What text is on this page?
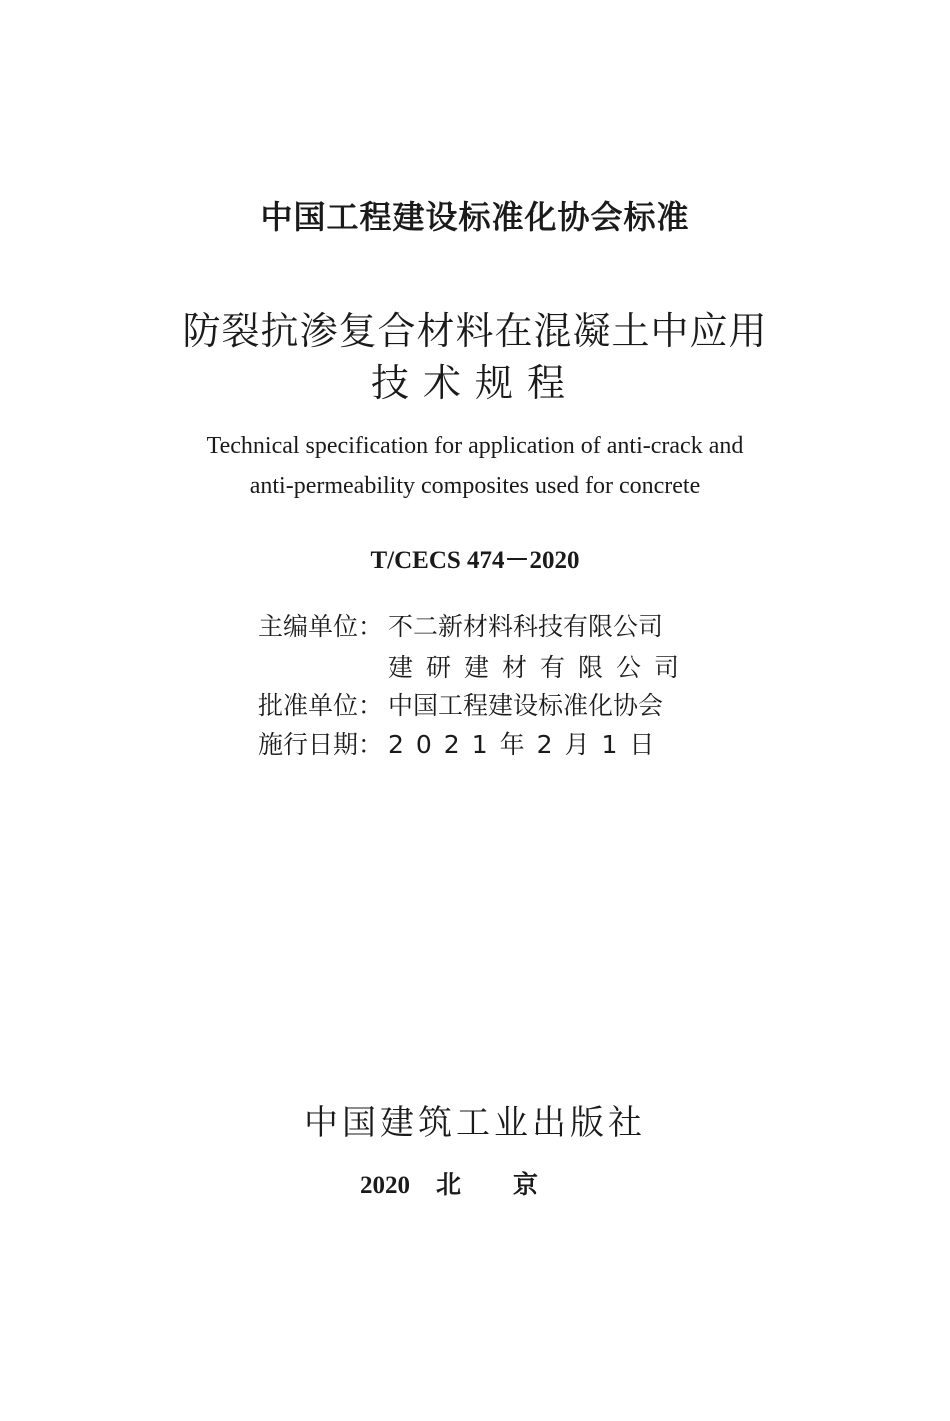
中国工程建设标准化协会标准
防裂抗渗复合材料在混凝土中应用
技术规程
Technical specification for application of anti-crack and
anti-permeability composites used for concrete
T/CECS 474－2020
主编单位： 不二新材料科技有限公司
建研建材有限公司
批准单位： 中国工程建设标准化协会
施行日期： 2021年2月1日
中国建筑工业出版社
2020 北京
